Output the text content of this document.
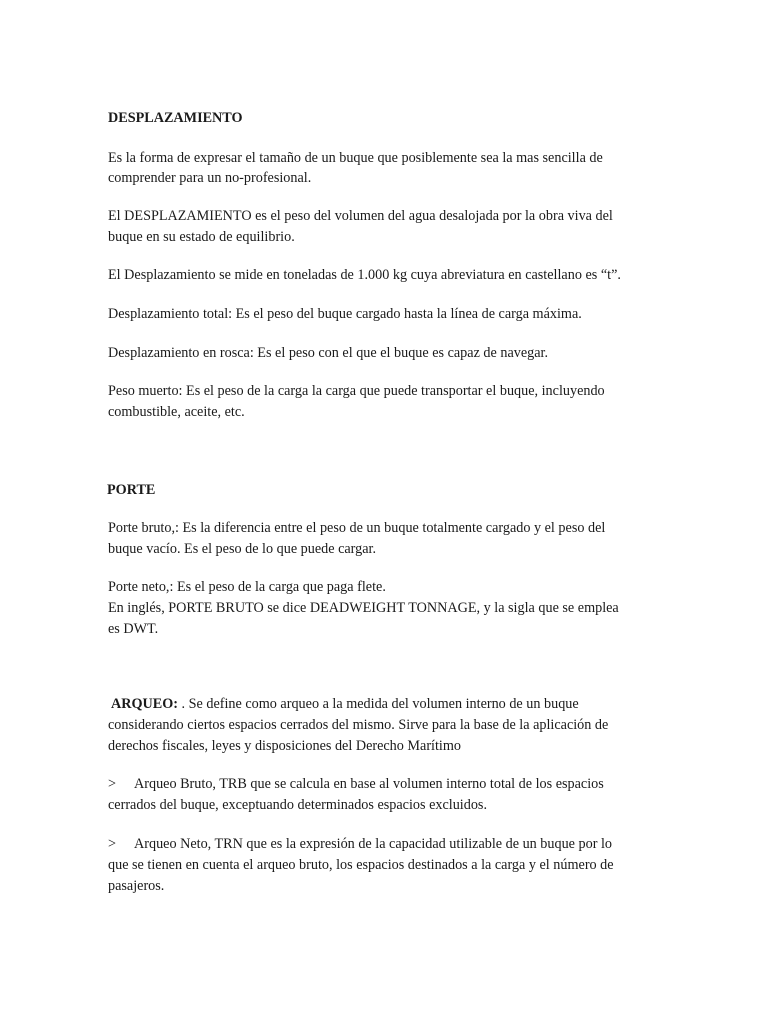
DESPLAZAMIENTO
Es la forma de expresar el tamaño de un buque que posiblemente sea la mas sencilla de
comprender para un no-profesional.
El DESPLAZAMIENTO es el peso del volumen del agua desalojada por la obra viva del
buque en su estado de equilibrio.
El Desplazamiento se mide en toneladas de 1.000 kg cuya abreviatura en castellano es “t”.
Desplazamiento total: Es el peso del buque cargado hasta la línea de carga máxima.
Desplazamiento en rosca: Es el peso con el que el buque es capaz de navegar.
Peso muerto: Es el peso de la carga la carga que puede transportar el buque, incluyendo
combustible, aceite, etc.
PORTE
Porte bruto,: Es la diferencia entre el peso de un buque totalmente cargado y el peso del
buque vacío. Es el peso de lo que puede cargar.
Porte neto,: Es el peso de la carga que paga flete.
En inglés, PORTE BRUTO se dice DEADWEIGHT TONNAGE, y la sigla que se emplea
es DWT.
ARQUEO: . Se define como arqueo a la medida del volumen interno de un buque
considerando ciertos espacios cerrados del mismo. Sirve para la base de la aplicación de
derechos fiscales, leyes y disposiciones del Derecho Marítimo
> Arqueo Bruto, TRB que se calcula en base al volumen interno total de los espacios
cerrados del buque, exceptuando determinados espacios excluidos.
> Arqueo Neto, TRN que es la expresión de la capacidad utilizable de un buque por lo
que se tienen en cuenta el arqueo bruto, los espacios destinados a la carga y el número de
pasajeros.
